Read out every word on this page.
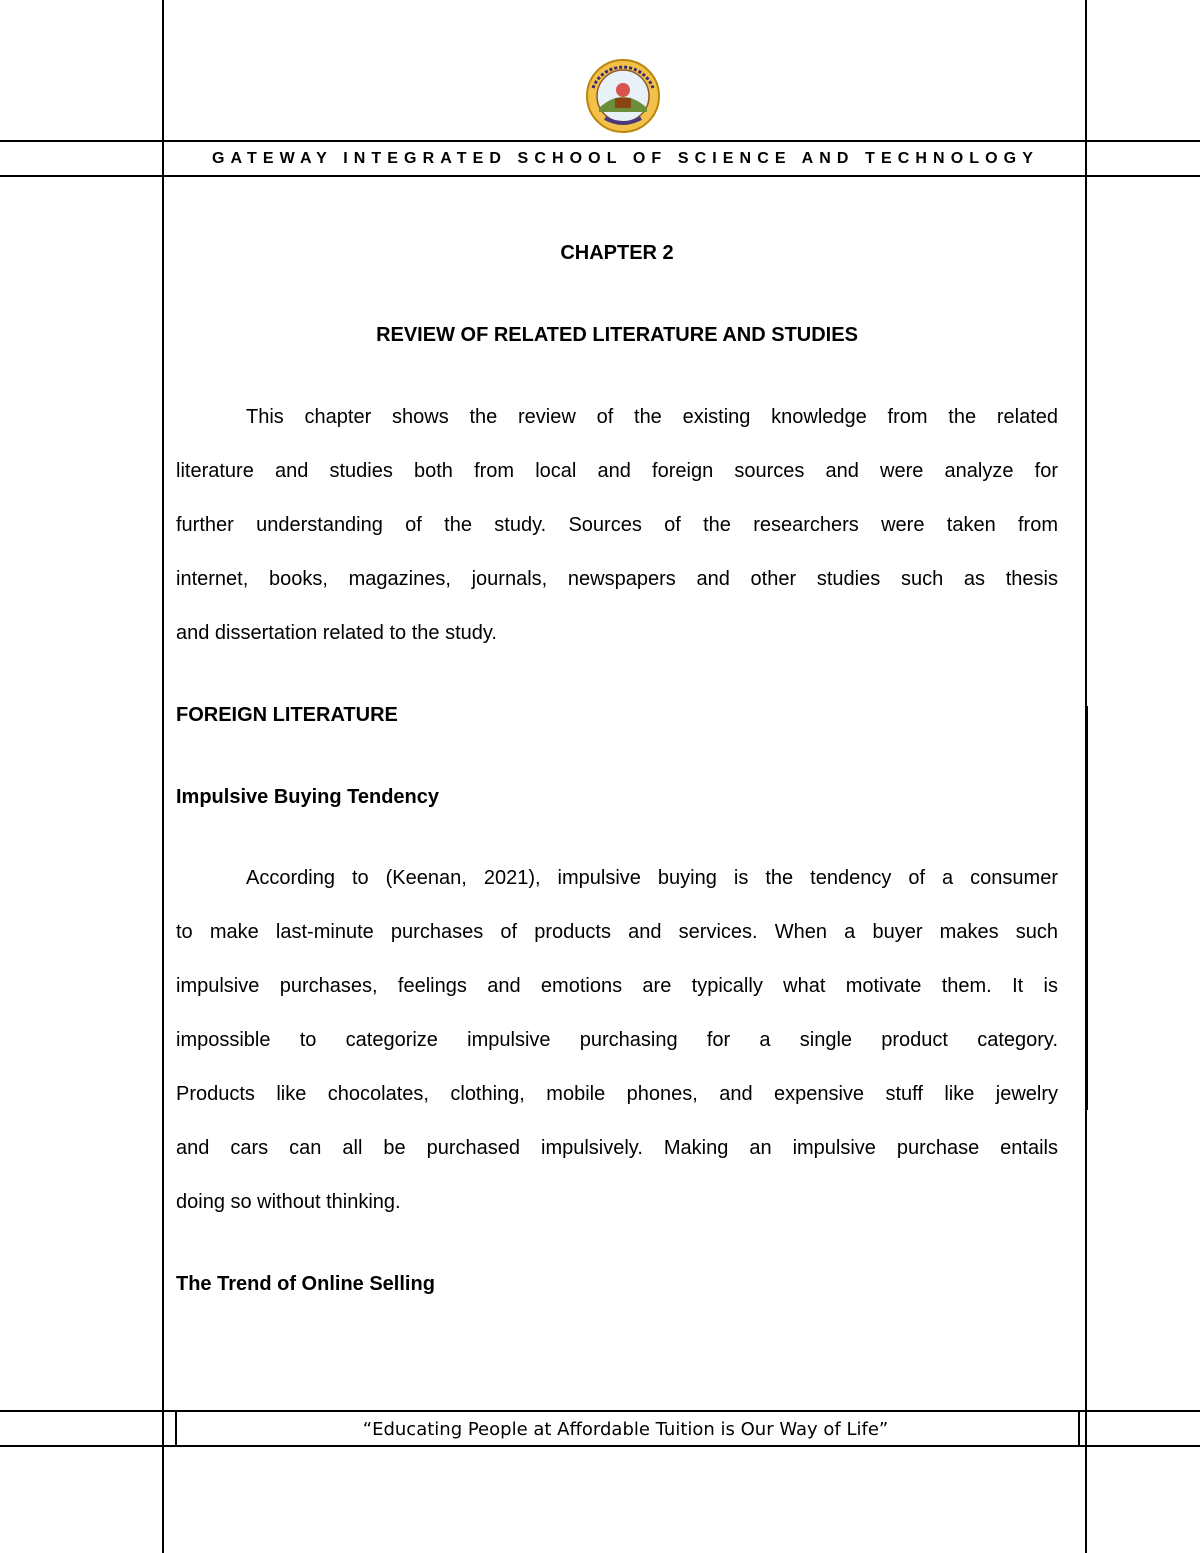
GATEWAY INTEGRATED SCHOOL OF SCIENCE AND TECHNOLOGY
CHAPTER 2
REVIEW OF RELATED LITERATURE AND STUDIES
This chapter shows the review of the existing knowledge from the related
literature and studies both from local and foreign sources and were analyze for
further understanding of the study. Sources of the researchers were taken from
internet, books, magazines, journals, newspapers and other studies such as thesis
and dissertation related to the study.
FOREIGN LITERATURE
Impulsive Buying Tendency
According to (Keenan, 2021), impulsive buying is the tendency of a consumer
to make last-minute purchases of products and services. When a buyer makes such
impulsive purchases, feelings and emotions are typically what motivate them. It is
impossible to categorize impulsive purchasing for a single product category.
Products like chocolates, clothing, mobile phones, and expensive stuff like jewelry
and cars can all be purchased impulsively. Making an impulsive purchase entails
doing so without thinking.
The Trend of Online Selling
“Educating People at Affordable Tuition is Our Way of Life”
